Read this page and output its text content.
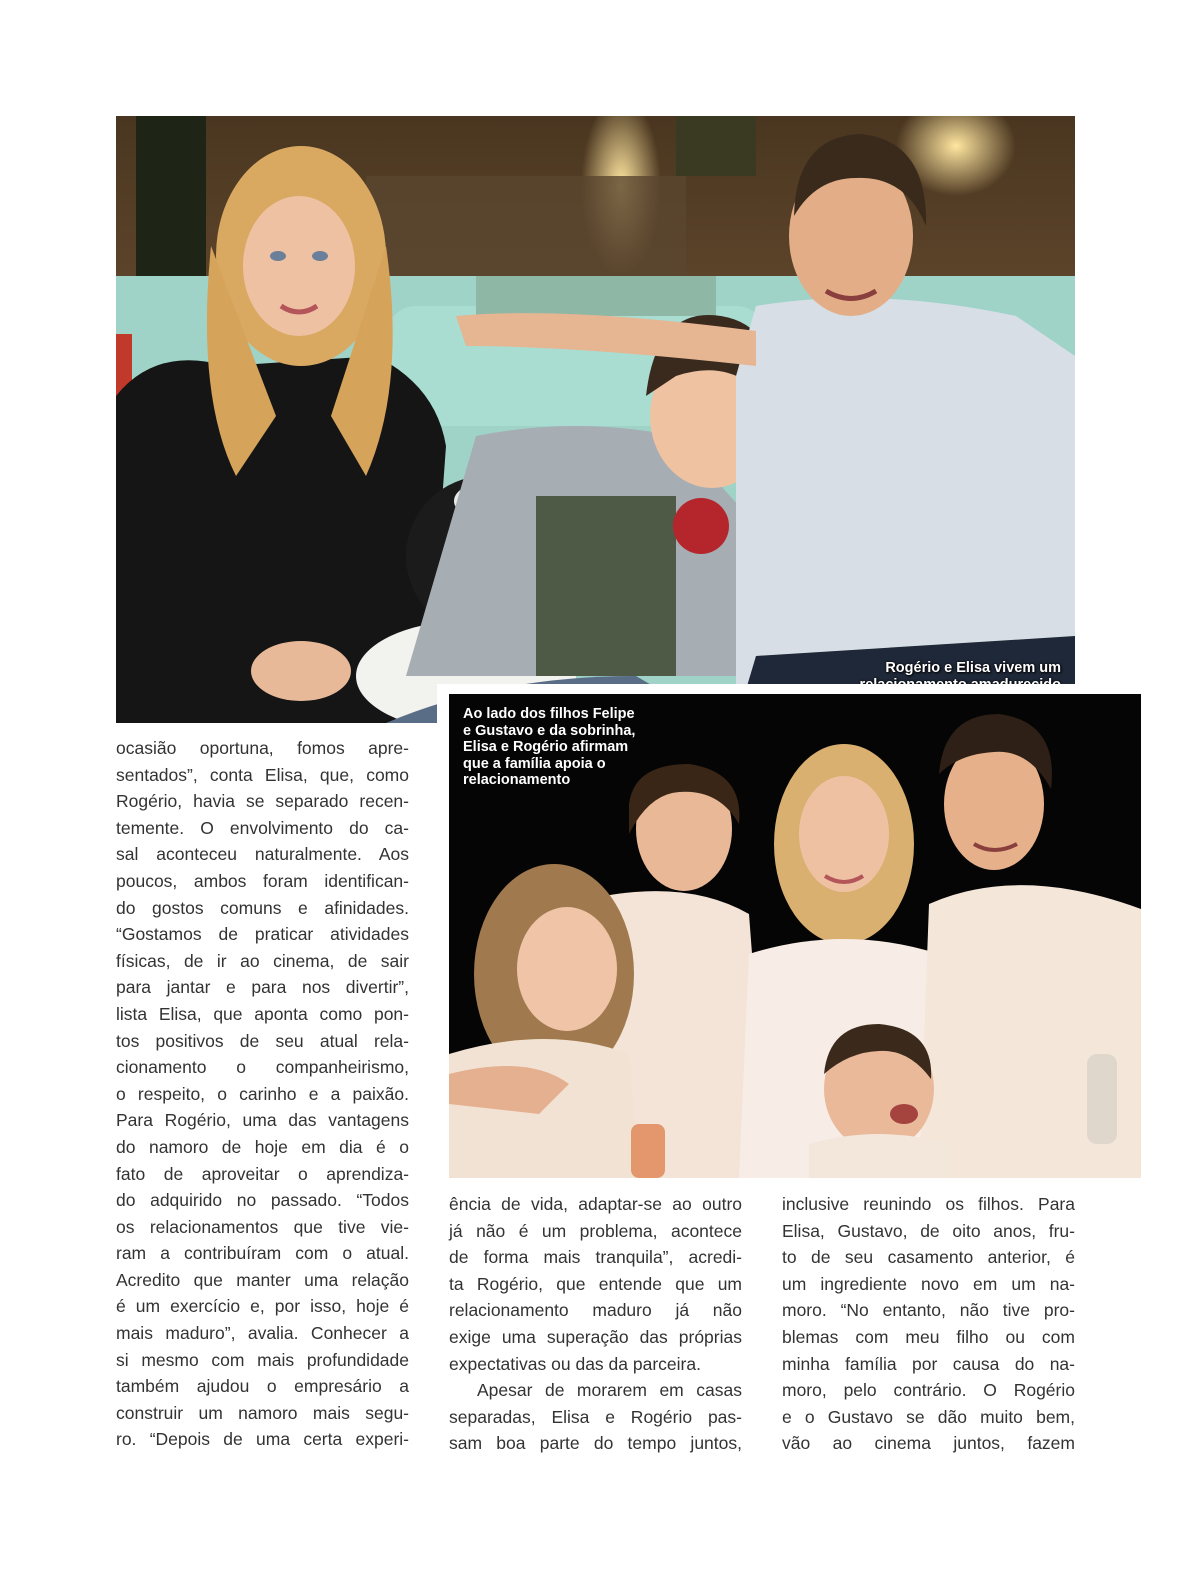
Rogério e Elisa vivem um
Ao lado dos filhos Felipe
e Gustavo e da sobrinha,
Elisa e Rogério afirmam
que a família apoia o
relacionamento
ocasião oportuna, fomos apre-
sentados”, conta Elisa, que, como
Rogério, havia se separado recen-
temente. O envolvimento do ca-
sal aconteceu naturalmente. Aos
poucos, ambos foram identifican-
do gostos comuns e afinidades.
“Gostamos de praticar atividades
físicas, de ir ao cinema, de sair
para jantar e para nos divertir”,
lista Elisa, que aponta como pon-
tos positivos de seu atual rela-
cionamento o companheirismo,
o respeito, o carinho e a paixão.
Para Rogério, uma das vantagens
do namoro de hoje em dia é o
fato de aproveitar o aprendiza-
do adquirido no passado. “Todos
os relacionamentos que tive vie-
ram a contribuíram com o atual.
Acredito que manter uma relação
é um exercício e, por isso, hoje é
mais maduro”, avalia. Conhecer a
si mesmo com mais profundidade
também ajudou o empresário a
construir um namoro mais segu-
ro. “Depois de uma certa experi-
ência de vida, adaptar-se ao outro
já não é um problema, acontece
de forma mais tranquila”, acredi-
ta Rogério, que entende que um
relacionamento maduro já não
exige uma superação das próprias
expectativas ou das da parceira.
Apesar de morarem em casas
separadas, Elisa e Rogério pas-
sam boa parte do tempo juntos,
inclusive reunindo os filhos. Para
Elisa, Gustavo, de oito anos, fru-
to de seu casamento anterior, é
um ingrediente novo em um na-
moro. “No entanto, não tive pro-
blemas com meu filho ou com
minha família por causa do na-
moro, pelo contrário. O Rogério
e o Gustavo se dão muito bem,
vão ao cinema juntos, fazem
